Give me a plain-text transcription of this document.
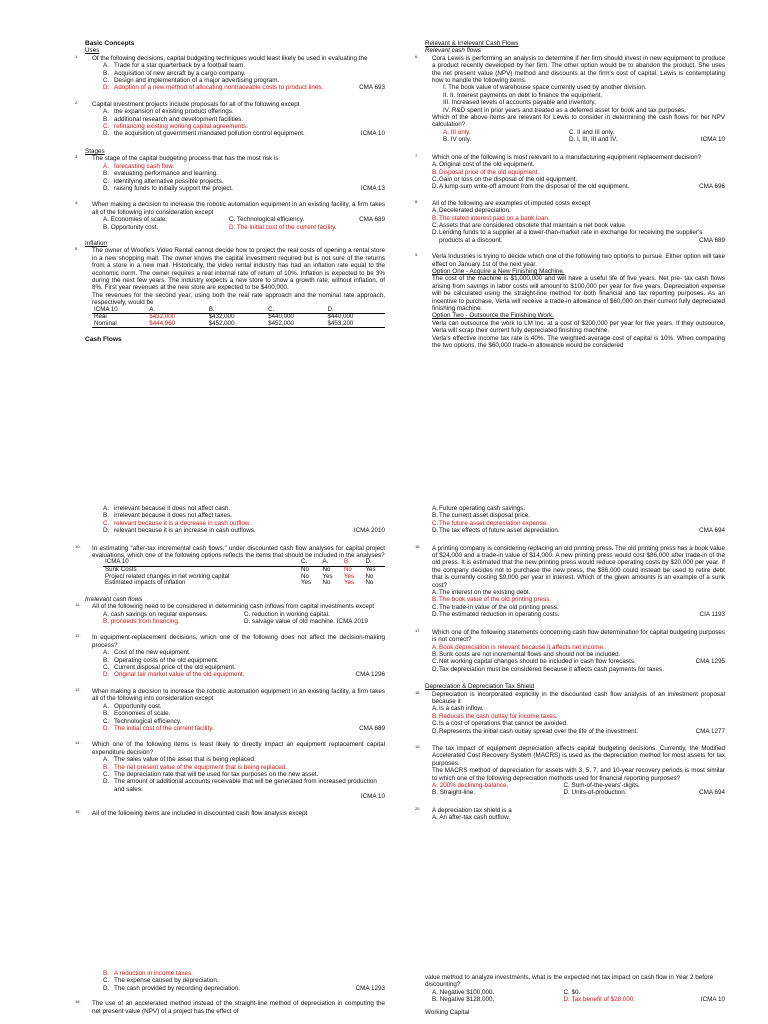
Basic Concepts
Uses
1.	Of the following decisions, capital budgeting techniques would least likely be used in evaluating the
A. Trade for a star quarterback by a football team.
B. Acquisition of new aircraft by a cargo company.
C. Design and implementation of a major advertising program.
D. Adoption of a new method of allocating nontraceable costs to product lines.	CMA 693
2.	Capital investment projects include proposals for all of the following except
A. the expansion of existing product offerings.
B. additional research and development facilities.
C. refinancing existing working capital agreements.
D. the acquisition of government mandated pollution control equipment.	ICMA 10
Stages
3.	The stage of the capital budgeting process that has the most risk is
A. forecasting cash flow.
B. evaluating performance and learning.
C. identifying alternative possible projects.
D. raising funds to initially support the project.	ICMA 13
4.	When making a decision to increase the robotic automation equipment in an existing facility, a firm takes all of the following into consideration except
A. Economies of scale.	C. Technological efficiency.	CMA 689
B. Opportunity cost.	D. The initial cost of the current facility.
Inflation
5.	The owner of Woofie's Video Rental cannot decide how to project the real costs of opening a rental store in a new shopping mall. The owner knows the capital investment required but is not sure of the returns from a store in a new mall. Historically, the video rental industry has had an inflation rate equal to the economic norm. The owner requires a real internal rate of return of 10%. Inflation is expected to be 3% during the next few years. The industry expects a new store to show a growth rate, without inflation, of 8%. First year revenues at the new store are expected to be $400,000.
The revenues for the second year, using both the real rate approach and the nominal rate approach, respectively, would be
ICMA 10	A.	B.	C.	D.
Real	$432,000	$432,000	$440,000	$440,000
Nominal	$444,960	$452,000	$452,000	$453,200
Cash Flows
A. irrelevant because it does not affect cash.
B. irrelevant because it does not affect taxes.
C. relevant because it is a decrease in cash outflow.
D. relevant because it is an increase in cash outflows.	ICMA 2010
10.	In estimating "after-tax incremental cash flows," under discounted cash flow analyses for capital project evaluations, which one of the following options reflects the items that should be included in the analyses?
ICMA 10	C.	A.	B.	D.
Sunk Costs	No	No	No	Yes
Project related changes in net working capital	No	Yes	Yes	No
Estimated impacts of inflation	Yes	No	Yes	No
Irrelevant cash flows
11.	All of the following need to be considered in determining cash inflows from capital investments except
A. cash savings on regular expenses.	C. reduction in working capital.
B. proceeds from financing.	D. salvage value of old machine. ICMA 2019
12.	In equipment-replacement decisions, which one of the following does not affect the decision-making process?
A. Cost of the new equipment.
B. Operating costs of the old equipment.
C. Current disposal price of the old equipment.
D. Original fair market value of the old equipment.	CMA 1296
13.	When making a decision to increase the robotic automation equipment in an existing facility, a firm takes all of the following into consideration except
A. Opportunity cost.
B. Economies of scale.
C. Technological efficiency.
D. The initial cost of the current facility.	CMA 689
14.	Which one of the following items is least likely to directly impact an equipment replacement capital expenditure decision?
A. The sales value of the asset that is being replaced.
B. The net present value of the equipment that is being replaced.
C. The depreciation rate that will be used for tax purposes on the new asset.
D. The amount of additional accounts receivable that will be generated from increased production and sales.
ICMA 10
15.	All of the following items are included in discounted cash flow analysis except
B. A reduction in income taxes.
C. The expense caused by depreciation.
D. The cash provided by recording depreciation.	CMA 1293
16.	The use of an accelerated method instead of the straight-line method of depreciation in computing the net present value (NPV) of a project has the effect of
Relevant & Irrelevant Cash Flows
Relevant cash flows
6.	Cora Lewis is performing an analysis to determine if her firm should invest in new equipment to produce a product recently developed by her firm. The other option would be to abandon the product. She uses the net present value (NPV) method and discounts at the firm's cost of capital. Lewis is contemplating how to handle the following items.
I. The book value of warehouse space currently used by another division.
II. II. Interest payments on debt to finance the equipment.
III. Increased levels of accounts payable and inventory.
IV. R&D spent in prior years and treated as a deferred asset for book and tax purposes.
Which of the above items are relevant for Lewis to consider in determining the cash flows for her NPV calculation?
A. III only.	C. II and III only.
B. IV only.	D. I, III, III and IV.	ICMA 10
7.	Which one of the following is most relevant to a manufacturing equipment replacement decision?
A. Original cost of the old equipment.
B. Disposal price of the old equipment.
C. Gain or loss on the disposal of the old equipment.
D. A lump-sum write-off amount from the disposal of the old equipment.	CMA 696
8.	All of the following are examples of imputed costs except
A. Decelerated depreciation.
B. The stated interest paid on a bank loan.
C. Assets that are considered obsolete that maintain a net book value.
D. Lending funds to a supplier at a lower-than-market rate in exchange for receiving the supplier's products at a discount.	CMA 689
9.	Verla Industries is trying to decide which one of the following two options to pursue. Either option will take effect on January 1st of the next year.
Option One - Acquire a New Finishing Machine.
The cost of the machine is $1,000,000 and will have a useful life of five years. Net pre- tax cash flows arising from savings in labor costs will amount to $100,000 per year for five years. Depreciation expense will be calculated using the straight-line method for both financial and tax reporting purposes. As an incentive to purchase, Verla will receive a trade-in allowance of $60,000 on their current fully depreciated finishing machine.
Option Two - Outsource the Finishing Work.
Verla can outsource the work to LM Inc. at a cost of $200,000 per year for five years. If they outsource, Verla will scrap their current fully depreciated finishing machine.
Verla's effective income tax rate is 40%. The weighted-average cost of capital is 10%. When comparing the two options, the $60,000 trade-in allowance would be considered
A. Future operating cash savings.
B. The current asset disposal price.
C. The future asset depreciation expense.
D. The tax effects of future asset depreciation.	CMA 694
16.	A printing company is considering replacing an old printing press. The old printing press has a book value of $24,000 and a trade-in value of $14,000. A new printing press would cost $86,000 after trade-in of the old press. It is estimated that the new printing press would reduce operating costs by $20,000 per year. If the company decides not to purchase the new press, the $86,000 could instead be used to retire debt that is currently costing $9,000 per year in interest. Which of the given amounts is an example of a sunk cost?
A. The interest on the existing debt.
B. The book value of the old printing press.
C. The trade-in value of the old printing press.
D. The estimated reduction in operating costs.	CIA 1193
17.	Which one of the following statements concerning cash flow determination for capital budgeting purposes is not correct?
A. Book depreciation is relevant because it affects net income.
B. Sunk costs are not incremental flows and should not be included.
C. Net working capital changes should be included in cash flow forecasts.	CMA 1295
D. Tax depreciation must be considered because it affects cash payments for taxes.
Depreciation & Depreciation Tax Shield
18.	Depreciation is incorporated explicitly in the discounted cash flow analysis of an investment proposal because it
A. Is a cash inflow.
B. Reduces the cash outlay for income taxes.
C. Is a cost of operations that cannot be avoided.
D. Represents the initial cash outlay spread over the life of the investment.	CMA 1277
19.	The tax impact of equipment depreciation affects capital budgeting decisions. Currently, the Modified Accelerated Cost Recovery System (MACRS) is used as the depreciation method for most assets for tax purposes.
The MACRS method of depreciation for assets with 3, 5, 7, and 10-year recovery periods is most similar to which one of the following depreciation methods used for financial reporting purposes?
A. 200% declining-balance.	C. Sum-of-the-years'-digits.
B. Straight-line.	D. Units-of-production.	CMA 694
20.	A depreciation tax shield is a
A. An after-tax cash outflow.
value method to analyze investments, what is the expected net tax impact on cash flow in Year 2 before discounting?
A. Negative $100,000.	C. $0.
B. Negative $128,000.	D. Tax benefit of $28,000.	ICMA 10
Working Capital
